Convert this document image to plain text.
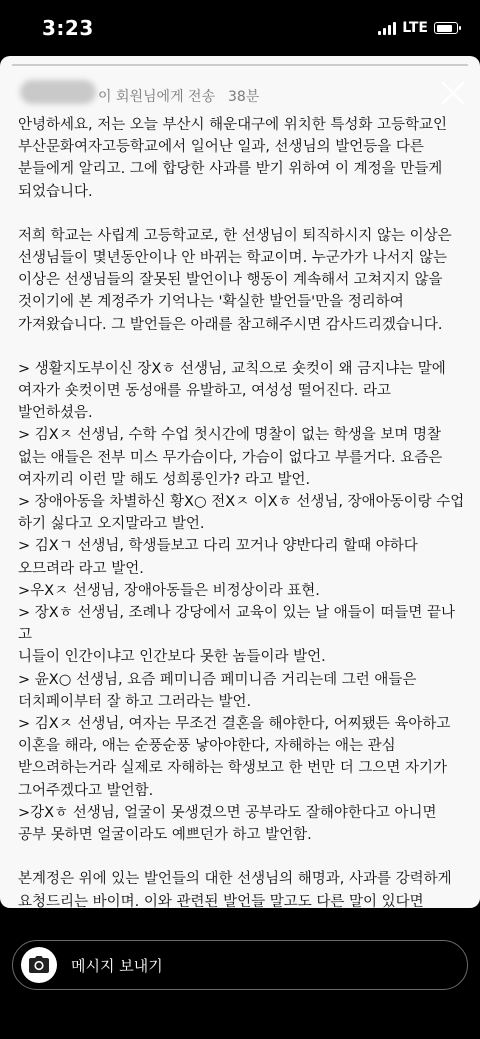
3:23	LTE
이 회원님에게 전송 38분
안녕하세요, 저는 오늘 부산시 해운대구에 위치한 특성화 고등학교인
부산문화여자고등학교에서 일어난 일과, 선생님의 발언등을 다른
분들에게 알리고. 그에 합당한 사과를 받기 위하여 이 계정을 만들게
되었습니다.
저희 학교는 사립계 고등학교로, 한 선생님이 퇴직하시지 않는 이상은
선생님들이 몇년동안이나 안 바뀌는 학교이며. 누군가가 나서지 않는
이상은 선생님들의 잘못된 발언이나 행동이 계속해서 고쳐지지 않을
것이기에 본 계정주가 기억나는 '확실한 발언들'만을 정리하여
가져왔습니다. 그 발언들은 아래를 참고해주시면 감사드리겠습니다.
> 생활지도부이신 장Xㅎ 선생님, 교칙으로 숏컷이 왜 금지냐는 말에
여자가 숏컷이면 동성애를 유발하고, 여성성 떨어진다. 라고
발언하셨음.
> 김Xㅈ 선생님, 수학 수업 첫시간에 명찰이 없는 학생을 보며 명찰
없는 애들은 전부 미스 무가슴이다, 가슴이 없다고 부를거다. 요즘은
여자끼리 이런 말 해도 성희롱인가? 라고 발언.
> 장애아동을 차별하신 황X○ 전Xㅈ 이Xㅎ 선생님, 장애아동이랑 수업
하기 싫다고 오지말라고 발언.
> 김Xㄱ 선생님, 학생들보고 다리 꼬거나 양반다리 할때 야하다
오므려라 라고 발언.
>우Xㅈ 선생님, 장애아동들은 비정상이라 표현.
> 장Xㅎ 선생님, 조례나 강당에서 교육이 있는 날 애들이 떠들면 끝나고
니들이 인간이냐고 인간보다 못한 놈들이라 발언.
> 윤X○ 선생님, 요즘 페미니즘 페미니즘 거리는데 그런 애들은
더치페이부터 잘 하고 그러라는 발언.
> 김Xㅈ 선생님, 여자는 무조건 결혼을 해야한다, 어찌됐든 육아하고
이혼을 해라, 애는 순풍순풍 낳아야한다, 자해하는 애는 관심
받으려하는거라 실제로 자해하는 학생보고 한 번만 더 그으면 자기가
그어주겠다고 발언함.
>강Xㅎ 선생님, 얼굴이 못생겼으면 공부라도 잘해야한다고 아니면
공부 못하면 얼굴이라도 예쁘던가 하고 발언함.
본계정은 위에 있는 발언들의 대한 선생님의 해명과, 사과를 강력하게
요청드리는 바이며. 이와 관련된 발언들 말고도 다른 말이 있다면

메시지 보내기
